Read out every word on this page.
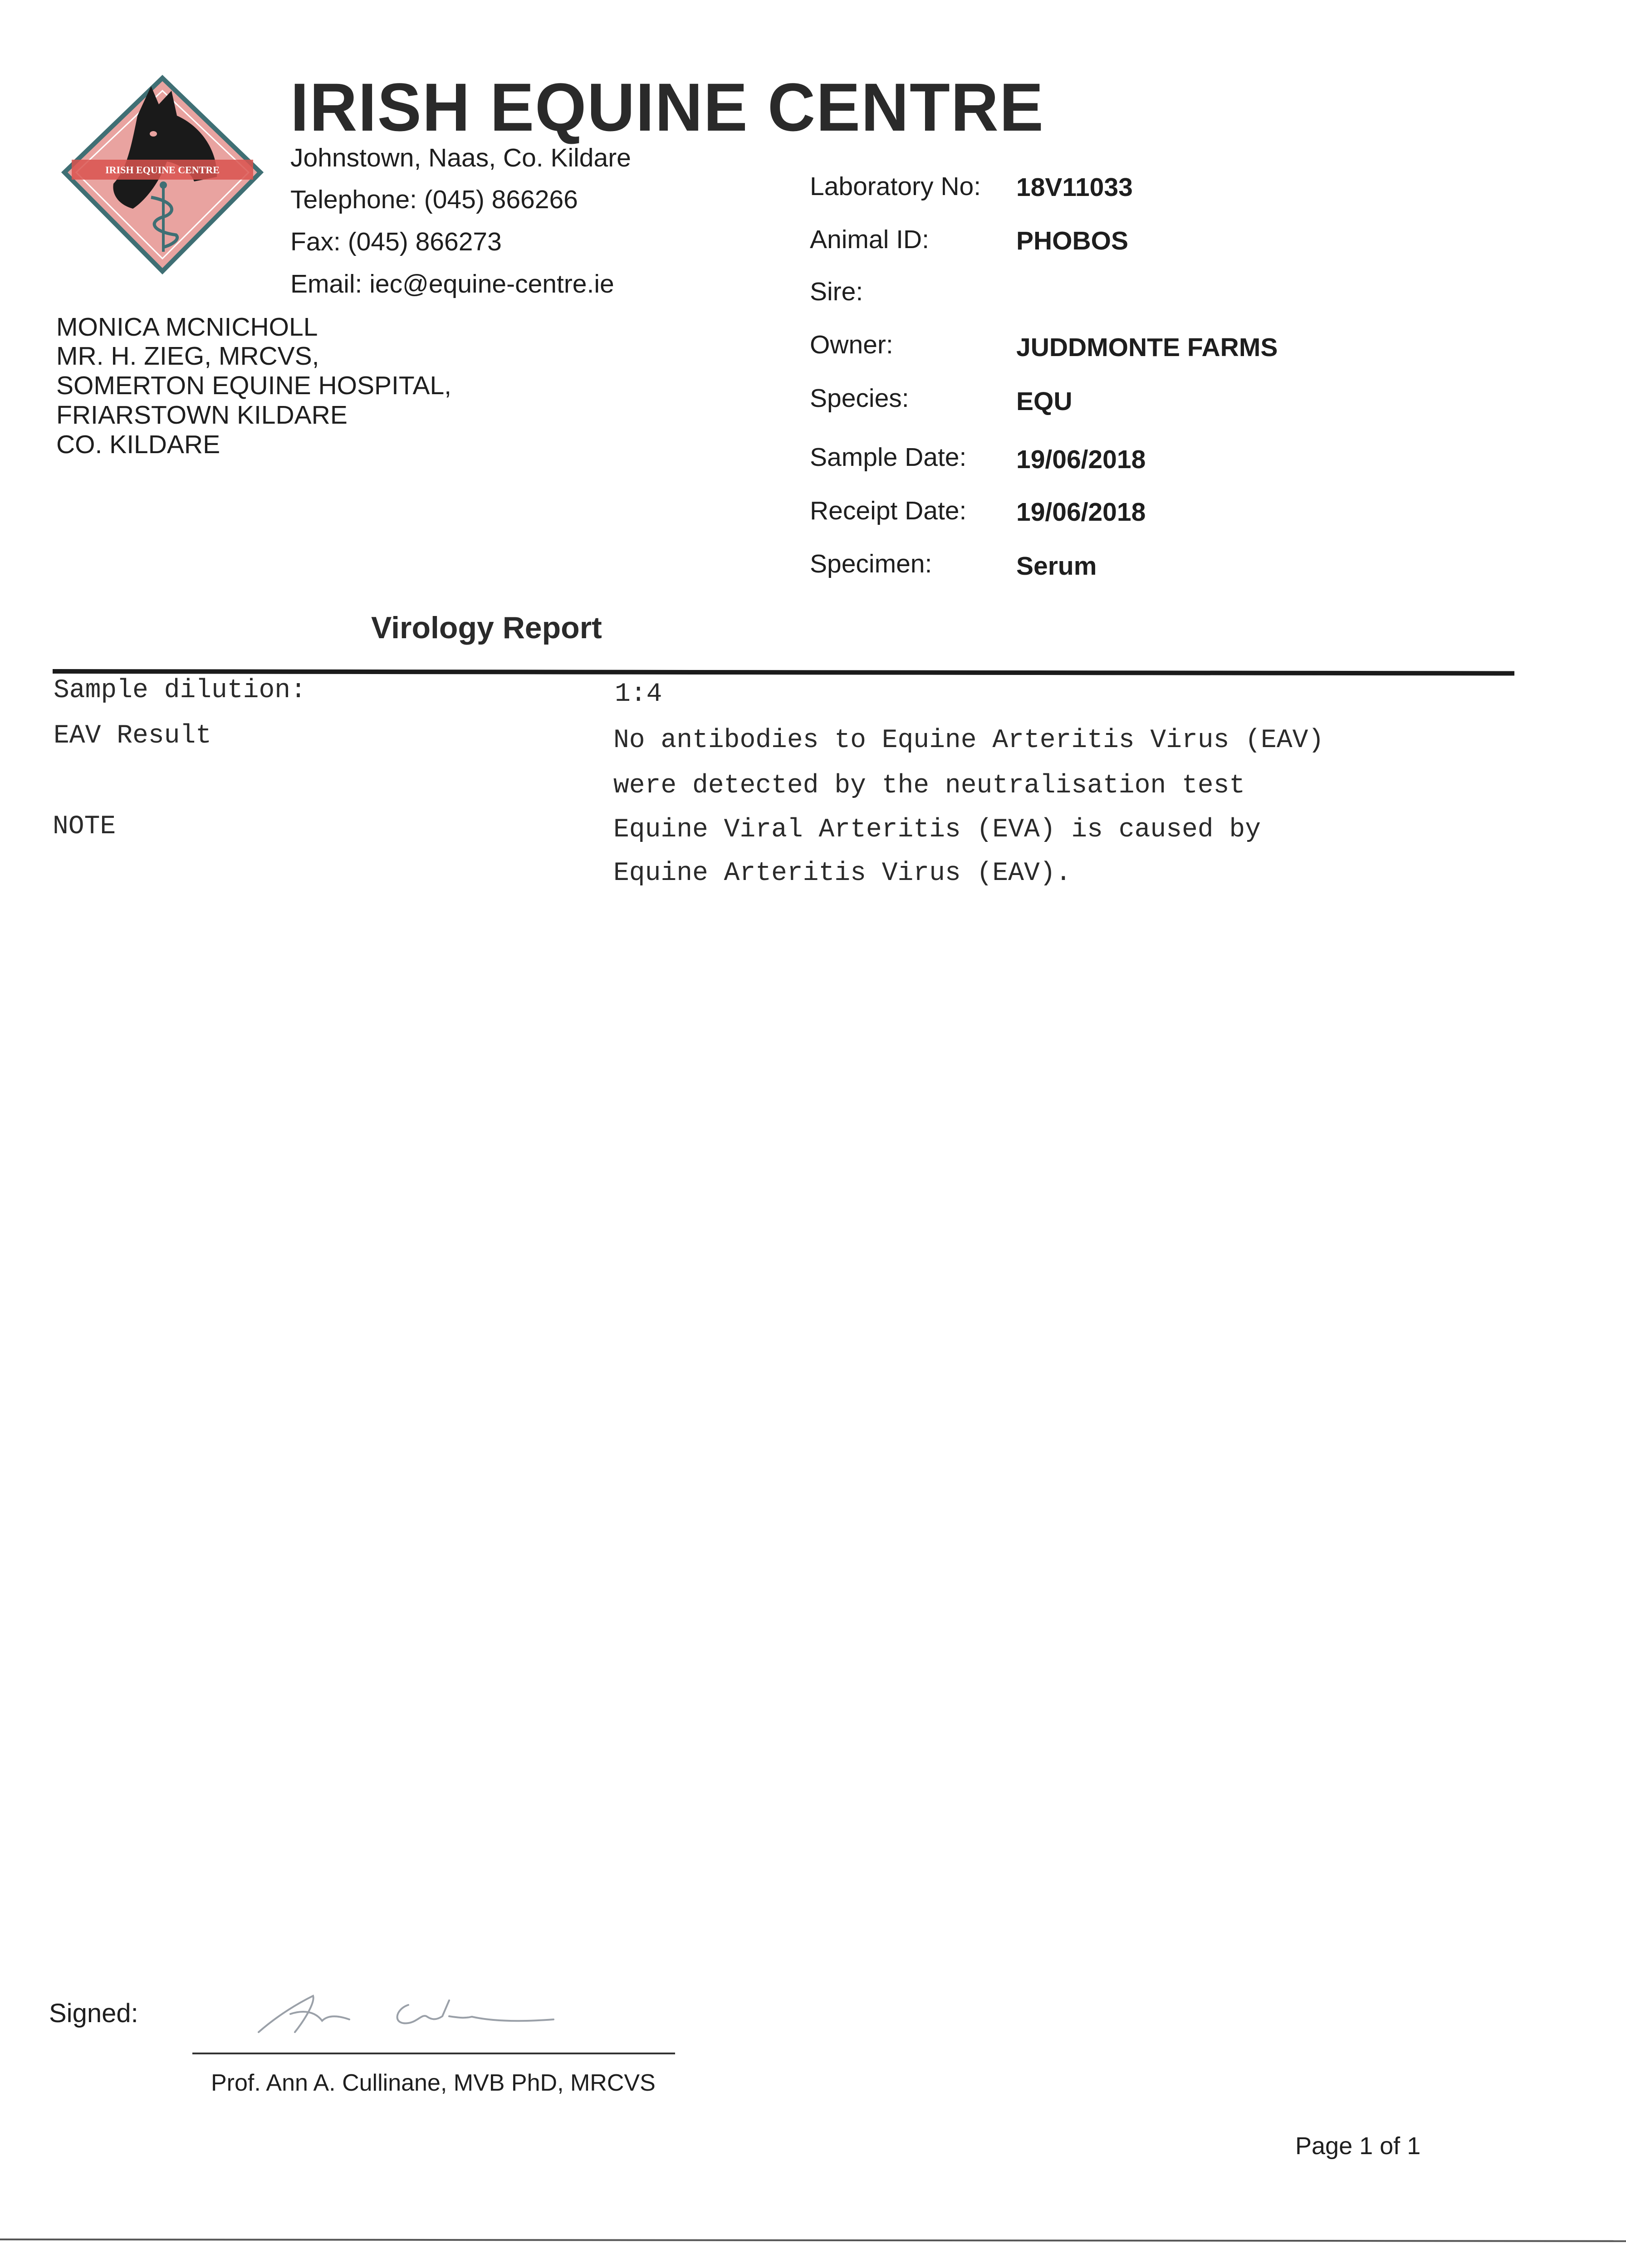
IRISH EQUINE CENTRE
IRISH EQUINE CENTRE
Johnstown, Naas, Co. Kildare
Telephone: (045) 866266
Fax: (045) 866273
Email: iec@equine-centre.ie
MONICA MCNICHOLL
MR. H. ZIEG, MRCVS,
SOMERTON EQUINE HOSPITAL,
FRIARSTOWN KILDARE
CO. KILDARE
Laboratory No: 18V11033
Animal ID:	PHOBOS
Sire:
Owner:	JUDDMONTE FARMS
Species:	EQU
Sample Date: 19/06/2018
Receipt Date: 19/06/2018
Specimen:	Serum
Virology Report
Sample dilution:	1:4
EAV Result	No antibodies to Equine Arteritis Virus (EAV)
were detected by the neutralisation test
NOTE	Equine Viral Arteritis (EVA) is caused by
Equine Arteritis Virus (EAV).
Signed:
Prof. Ann A. Cullinane, MVB PhD, MRCVS
Page 1 of 1
